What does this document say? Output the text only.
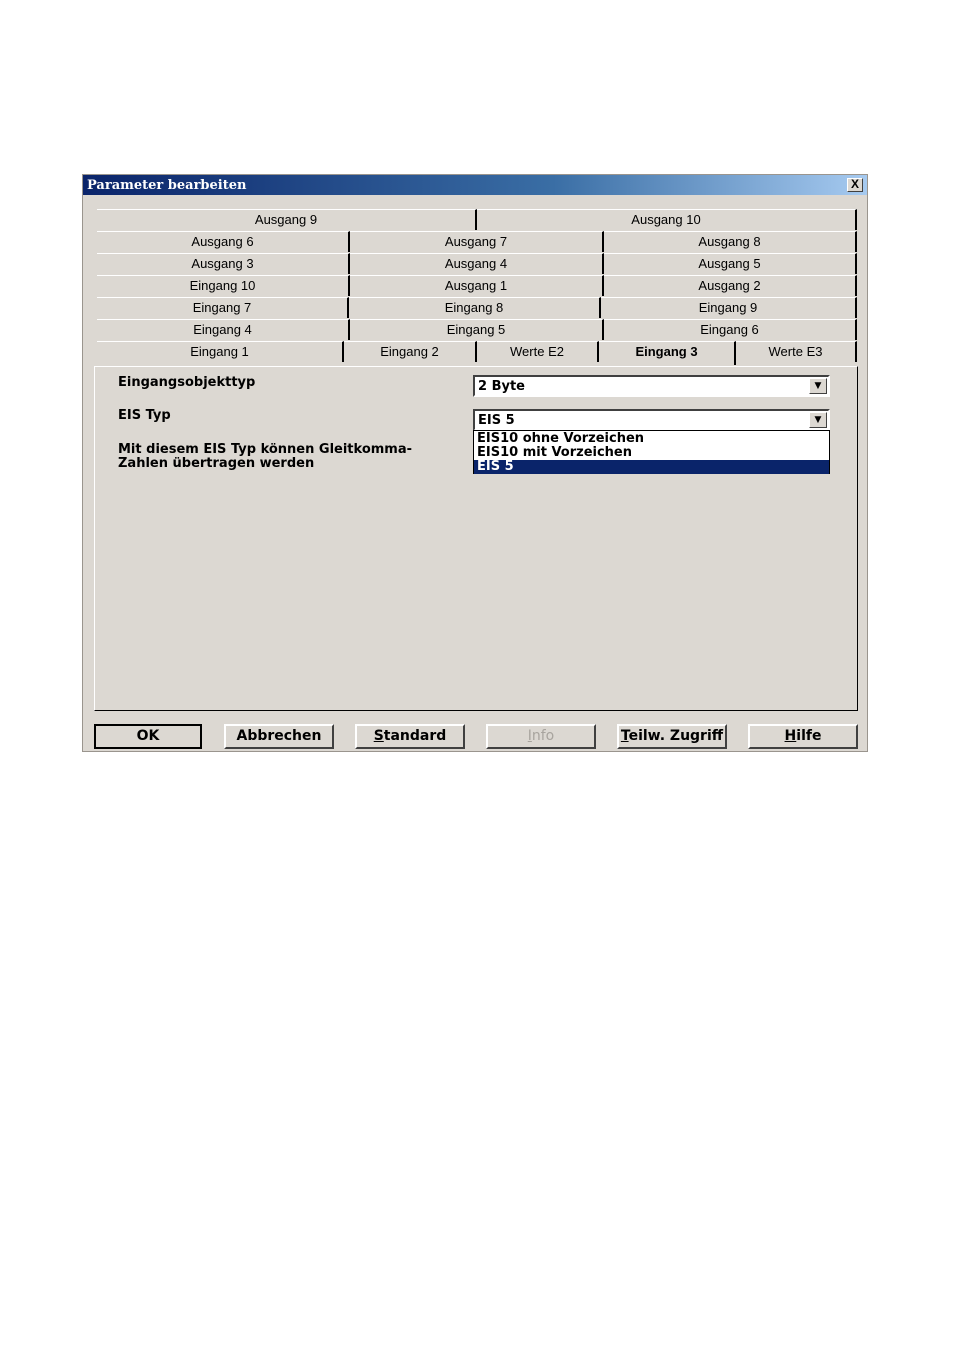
Parameter bearbeiten	X
Ausgang 9	Ausgang 10
Ausgang 6	Ausgang 7	Ausgang 8
Ausgang 3	Ausgang 4	Ausgang 5
Eingang 10	Ausgang 1	Ausgang 2
Eingang 7	Eingang 8	Eingang 9
Eingang 4	Eingang 5	Eingang 6
Eingang 1	Eingang 2	Werte E2	Eingang 3	Werte E3
Eingangsobjekttyp	2 Byte	▼
EIS Typ	EIS 5	▼
EIS10 ohne Vorzeichen
EIS10 mit Vorzeichen
EIS 5
Mit diesem EIS Typ können Gleitkomma-
Zahlen übertragen werden
OK	Abbrechen	Standard	Info	Teilw. Zugriff	Hilfe
